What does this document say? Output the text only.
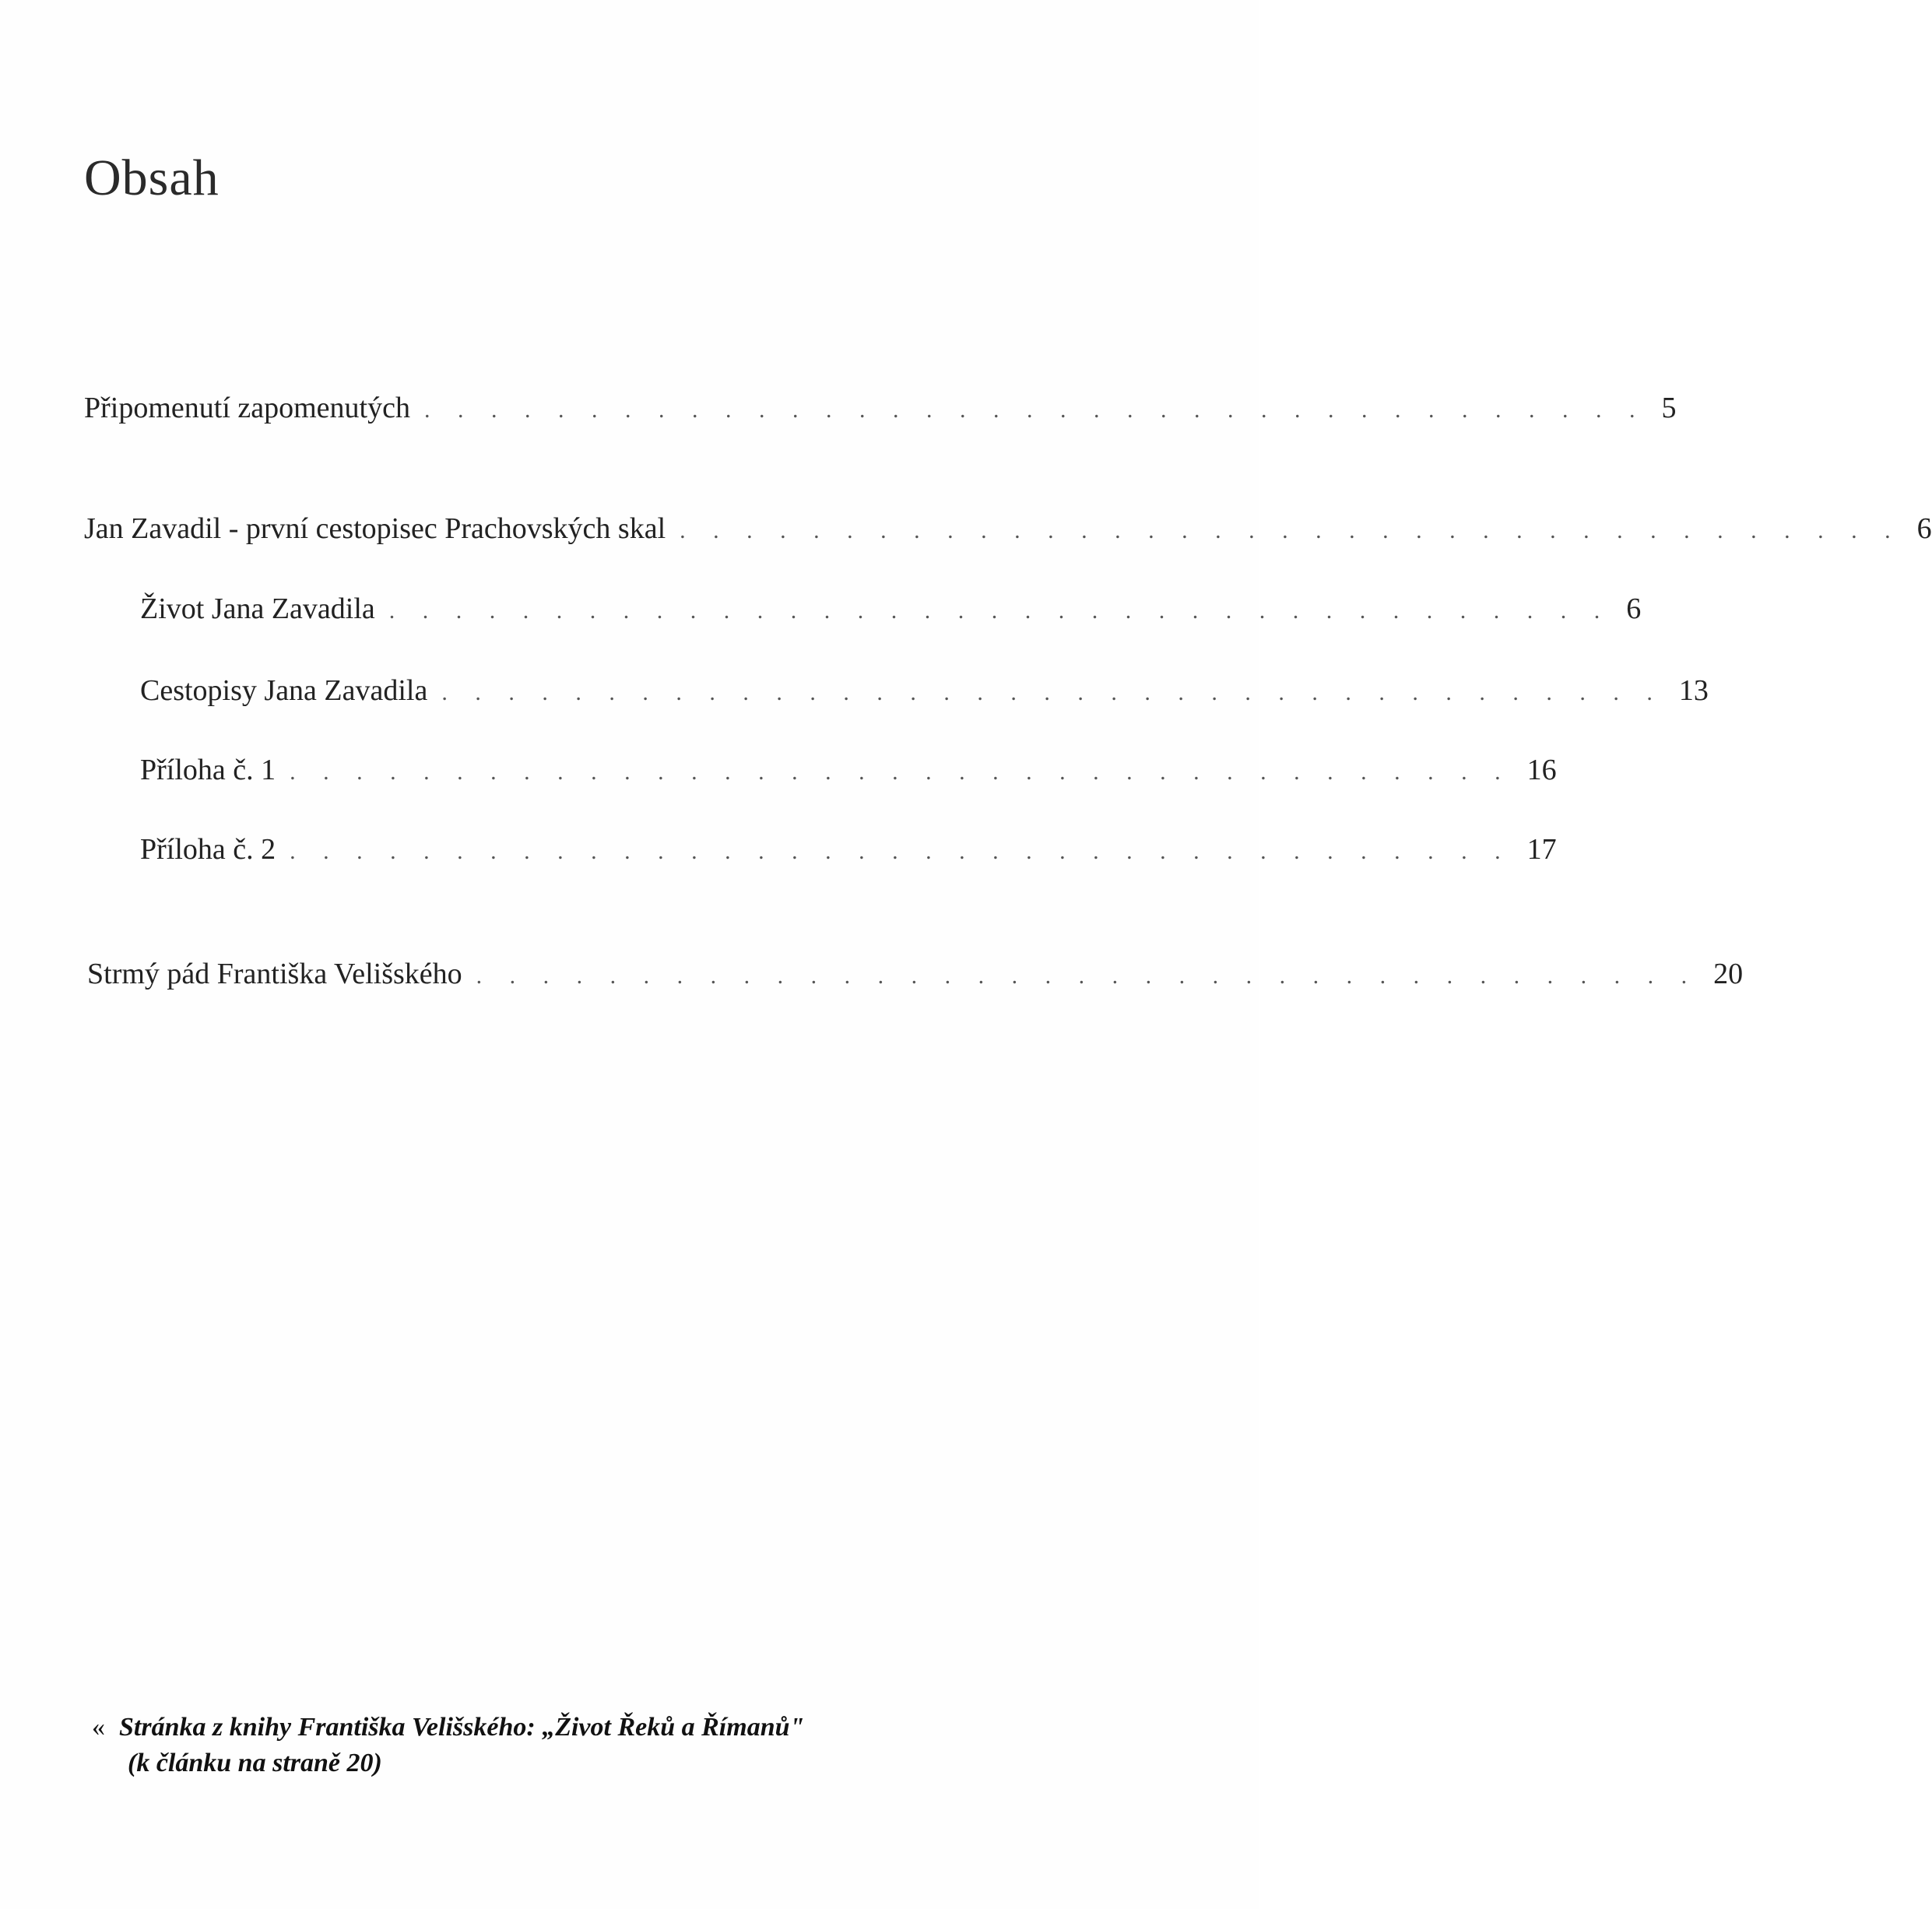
Obsah
Připomenutí zapomenutých . . . . . . . . . . . . . . . . . . . . . . . . . . . . . . . . . . . . . 5
Jan Zavadil - první cestopisec Prachovských skal . . . . . . . . . . . . . . . . . . . . . . . . . . . . . . . . . . . . . 6
Život Jana Zavadila . . . . . . . . . . . . . . . . . . . . . . . . . . . . . . . . . . . . . 6
Cestopisy Jana Zavadila . . . . . . . . . . . . . . . . . . . . . . . . . . . . . . . . . . . . . 13
Příloha č. 1 . . . . . . . . . . . . . . . . . . . . . . . . . . . . . . . . . . . . . 16
Příloha č. 2 . . . . . . . . . . . . . . . . . . . . . . . . . . . . . . . . . . . . . 17
Strmý pád Františka Velišského . . . . . . . . . . . . . . . . . . . . . . . . . . . . . . . . . . . . . 20
« Stránka z knihy Františka Velišského: „Život Řeků a Římanů"
(k článku na straně 20)
